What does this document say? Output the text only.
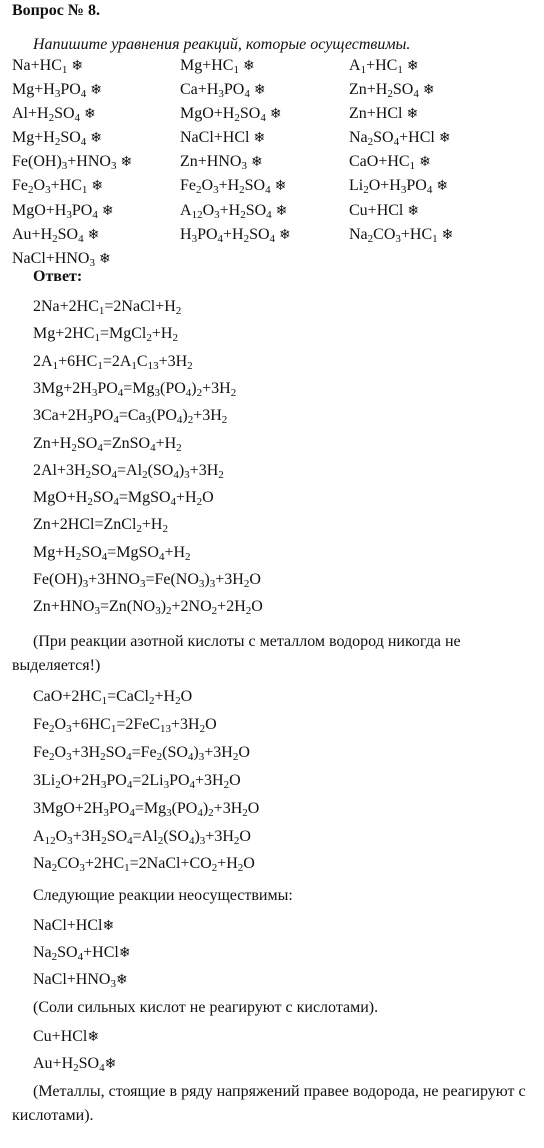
Вопрос № 8.
Напишите уравнения реакций, которые осуществимы.
$Na+HC_1$ ❄	$Mg+HC_1$ ❄	$A_1+HC_1$ ❄
$Mg+H_3PO_4$ ❄	$Ca+H_3PO_4$ ❄	$Zn+H_2SO_4$ ❄
$Al+H_2SO_4$ ❄	$MgO+H_2SO_4$ ❄	Zn+HCl ❄
$Mg+H_2SO_4$ ❄	NaCl+HCl ❄	$Na_2SO_4+HCl$ ❄
$Fe(OH)_3+HNO_3$ ❄	$Zn+HNO_3$ ❄	$CaO+HC_1$ ❄
$Fe_2O_3+HC_1$ ❄	$Fe_2O_3+H_2SO_4$ ❄	$Li_2O+H_3PO_4$ ❄
$MgO+H_3PO_4$ ❄	$A_{12}O_3+H_2SO_4$ ❄	Cu+HCl ❄
$Au+H_2SO_4$ ❄	$H_3PO_4+H_2SO_4$ ❄	$Na_2CO_3+HC_1$ ❄
$NaCl+HNO_3$ ❄
Ответ:
$2Na+2HC_1=2NaCl+H_2$
$Mg+2HC_1=MgCl_2+H_2$
$2A_1+6HC_1=2A_1C_{13}+3H_2$
$3Mg+2H_3PO_4=Mg_3(PO_4)_2+3H_2$
$3Ca+2H_3PO_4=Ca_3(PO_4)_2+3H_2$
$Zn+H_2SO_4=ZnSO_4+H_2$
$2Al+3H_2SO_4=Al_2(SO_4)_3+3H_2$
$MgO+H_2SO_4=MgSO_4+H_2O$
$Zn+2HCl=ZnCl_2+H_2$
$Mg+H_2SO_4=MgSO_4+H_2$
$Fe(OH)_3+3HNO_3=Fe(NO_3)_3+3H_2O$
$Zn+HNO_3=Zn(NO_3)_2+2NO_2+2H_2O$
(При реакции азотной кислоты с металлом водород никогда не выделяется!)
$CaO+2HC_1=CaCl_2+H_2O$
$Fe_2O_3+6HC_1=2FeC_{13}+3H_2O$
$Fe_2O_3+3H_2SO_4=Fe_2(SO_4)_3+3H_2O$
$3Li_2O+2H_3PO_4=2Li_3PO_4+3H_2O$
$3MgO+2H_3PO_4=Mg_3(PO_4)_2+3H_2O$
$A_{12}O_3+3H_2SO_4=Al_2(SO_4)_3+3H_2O$
$Na_2CO_3+2HC_1=2NaCl+CO_2+H_2O$
Следующие реакции неосуществимы:
NaCl+HCl❄
$Na_2SO_4+HCl❄$
$NaCl+HNO_3❄$
(Соли сильных кислот не реагируют с кислотами).
Cu+HCl❄
$Au+H_2SO_4❄$
(Металлы, стоящие в ряду напряжений правее водорода, не реагируют с кислотами).
